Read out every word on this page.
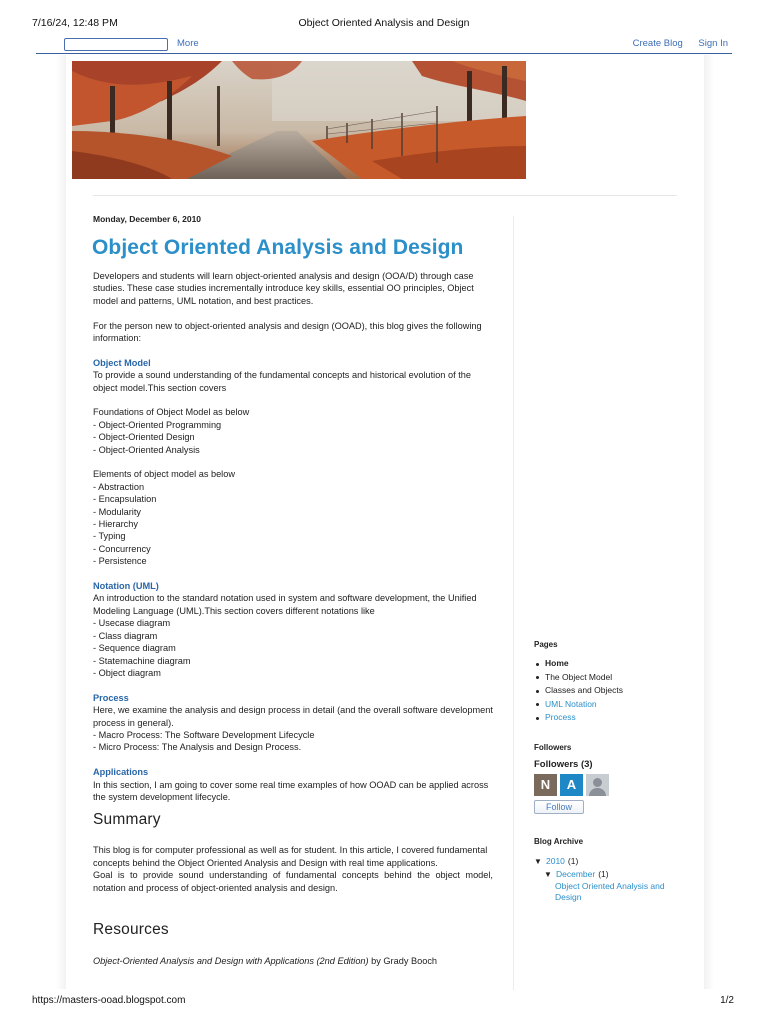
7/16/24, 12:48 PM	Object Oriented Analysis and Design
More	Create Blog Sign In
Monday, December 6, 2010
Object Oriented Analysis and Design

Developers and students will learn object-oriented analysis and design (OOA/D) through case studies. These case studies incrementally introduce key skills, essential OO principles, Object model and patterns, UML notation, and best practices.

For the person new to object-oriented analysis and design (OOAD), this blog gives the following information:

Object Model

To provide a sound understanding of the fundamental concepts and historical evolution of the object model.This section covers

Foundations of Object Model as below

- Object-Oriented Programming

- Object-Oriented Design

- Object-Oriented Analysis

Elements of object model as below

- Abstraction

- Encapsulation

- Modularity

- Hierarchy

- Typing

- Concurrency

- Persistence

Notation (UML)

An introduction to the standard notation used in system and software development, the Unified Modeling Language (UML).This section covers different notations like

- Usecase diagram

- Class diagram

- Sequence diagram

- Statemachine diagram

- Object diagram

Process

Here, we examine the analysis and design process in detail (and the overall software development process in general).

- Macro Process: The Software Development Lifecycle

- Micro Process: The Analysis and Design Process.

Applications

In this section, I am going to cover some real time examples of how OOAD can be applied across the system development lifecycle.

Summary

This blog is for computer professional as well as for student. In this article, I covered fundamental concepts behind the Object Oriented Analysis and Design with real time applications.

Goal is to provide sound understanding of fundamental concepts behind the object model, notation and process of object-oriented analysis and design.

Resources

Object-Oriented Analysis and Design with Applications (2nd Edition) by Grady Booch

Pages
Home
The Object Model
Classes and Objects
UML Notation
Process
Followers
Followers (3)
N	A
Follow
Blog Archive
▼ 2010 (1)
▼ December (1)
Object Oriented Analysis and Design
https://masters-ooad.blogspot.com	1/2
